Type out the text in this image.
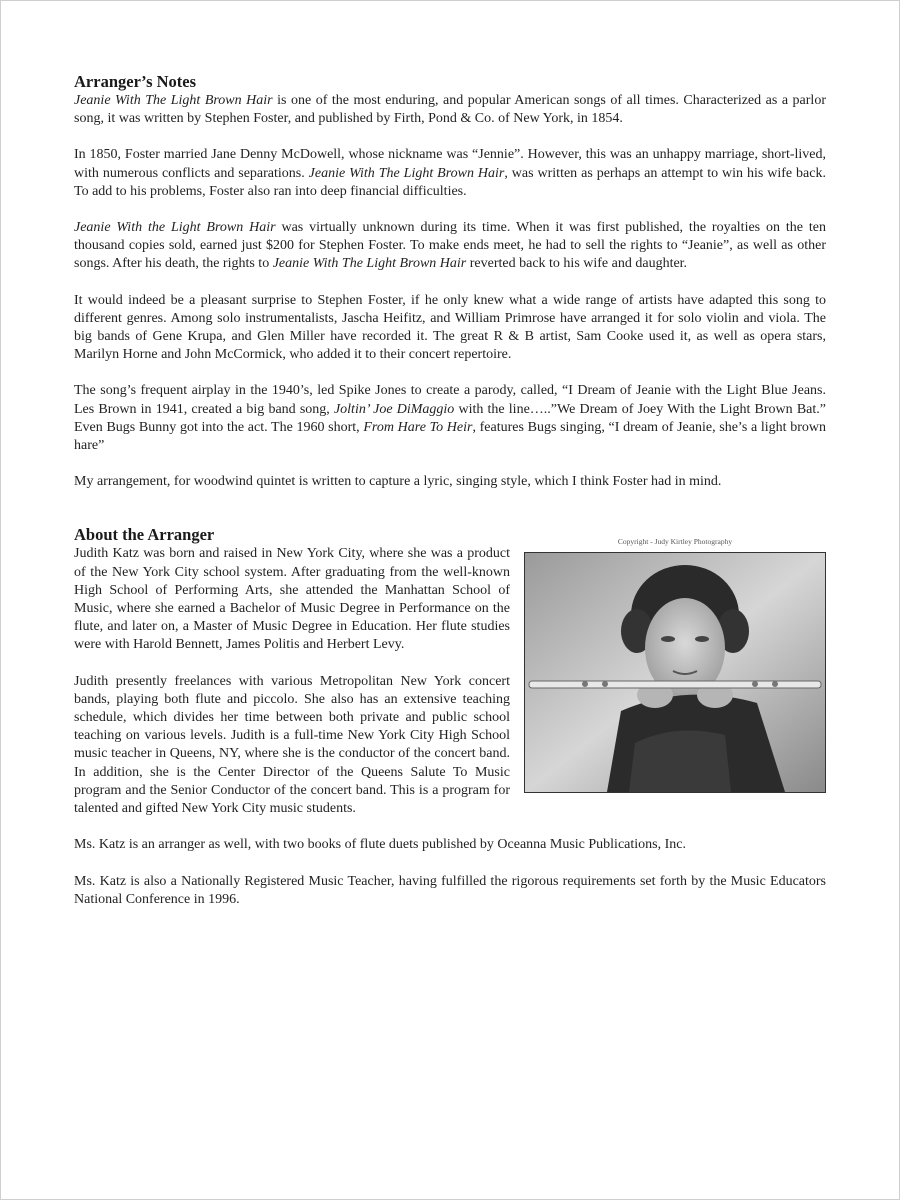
Arranger’s Notes

Jeanie With The Light Brown Hair is one of the most enduring, and popular American songs of all times. Characterized as a parlor song, it was written by Stephen Foster, and published by Firth, Pond & Co. of New York, in 1854.

In 1850, Foster married Jane Denny McDowell, whose nickname was “Jennie”. However, this was an unhappy marriage, short-lived, with numerous conflicts and separations. Jeanie With The Light Brown Hair, was written as perhaps an attempt to win his wife back. To add to his problems, Foster also ran into deep financial difficulties.

Jeanie With the Light Brown Hair was virtually unknown during its time. When it was first published, the royalties on the ten thousand copies sold, earned just $200 for Stephen Foster. To make ends meet, he had to sell the rights to “Jeanie”, as well as other songs. After his death, the rights to Jeanie With The Light Brown Hair reverted back to his wife and daughter.

It would indeed be a pleasant surprise to Stephen Foster, if he only knew what a wide range of artists have adapted this song to different genres. Among solo instrumentalists, Jascha Heifitz, and William Primrose have arranged it for solo violin and viola. The big bands of Gene Krupa, and Glen Miller have recorded it. The great R & B artist, Sam Cooke used it, as well as opera stars, Marilyn Horne and John McCormick, who added it to their concert repertoire.

The song’s frequent airplay in the 1940’s, led Spike Jones to create a parody, called, “I Dream of Jeanie with the Light Blue Jeans. Les Brown in 1941, created a big band song, Joltin’ Joe DiMaggio with the line…..”We Dream of Joey With the Light Brown Bat.” Even Bugs Bunny got into the act. The 1960 short, From Hare To Heir, features Bugs singing, “I dream of Jeanie, she’s a light brown hare”

My arrangement, for woodwind quintet is written to capture a lyric, singing style, which I think Foster had in mind.

About the Arranger	Copyright - Judy Kirtley Photography

Judith Katz was born and raised in New York City, where she was a product of the New York City school system. After graduating from the well-known High School of Performing Arts, she attended the Manhattan School of Music, where she earned a Bachelor of Music Degree in Performance on the flute, and later on, a Master of Music Degree in Education. Her flute studies were with Harold Bennett, James Politis and Herbert Levy.

Judith presently freelances with various Metropolitan New York concert bands, playing both flute and piccolo. She also has an extensive teaching schedule, which divides her time between both private and public school teaching on various levels. Judith is a full-time New York City High School music teacher in Queens, NY, where she is the conductor of the concert band. In addition, she is the Center Director of the Queens Salute To Music program and the Senior Conductor of the concert band. This is a program for talented and gifted New York City music students.

Ms. Katz is an arranger as well, with two books of flute duets published by Oceanna Music Publications, Inc.

Ms. Katz is also a Nationally Registered Music Teacher, having fulfilled the rigorous requirements set forth by the Music Educators National Conference in 1996.
